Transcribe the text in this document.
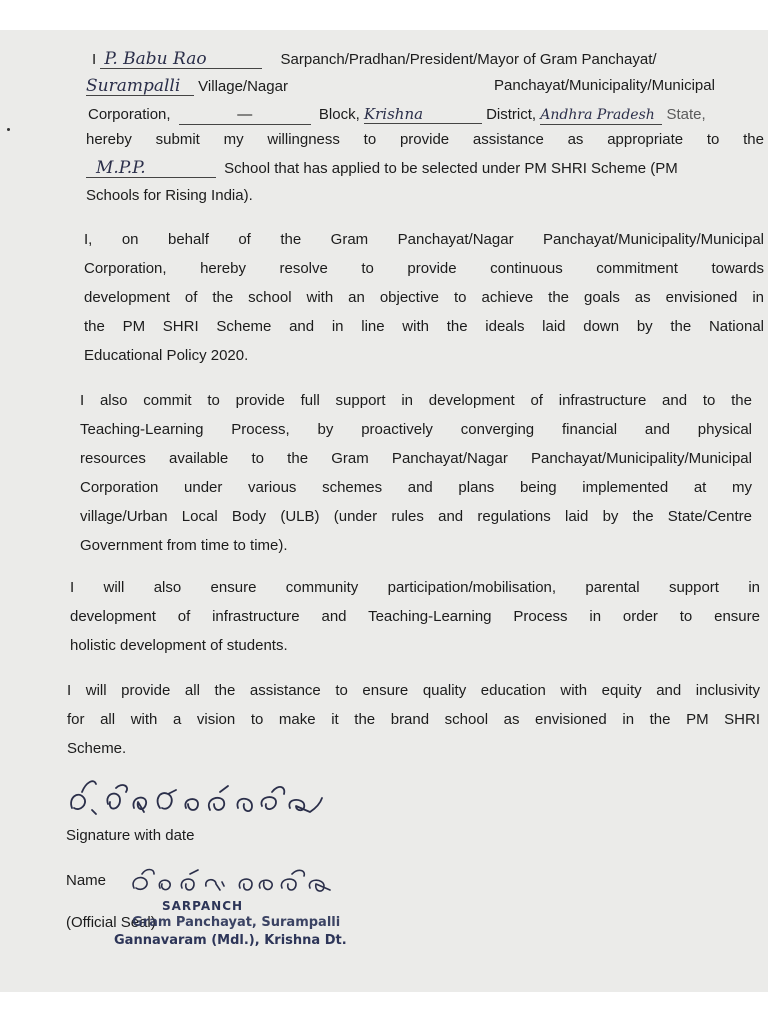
I P. Babu Rao	Sarpanch/Pradhan/President/Mayor of Gram Panchayat/
Surampalli Village/Nagar	Panchayat/Municipality/Municipal
Corporation,	—	Block, Krishna	District, Andhra Pradesh State,
hereby submit my willingness to provide assistance as appropriate to the
M.P.P.	School that has applied to be selected under PM SHRI Scheme (PM
Schools for Rising India).
I, on behalf of the Gram Panchayat/Nagar Panchayat/Municipality/Municipal
Corporation, hereby resolve to provide continuous commitment towards
development of the school with an objective to achieve the goals as envisioned in
the PM SHRI Scheme and in line with the ideals laid down by the National
Educational Policy 2020.
I also commit to provide full support in development of infrastructure and to the
Teaching-Learning Process, by proactively converging financial and physical
resources available to the Gram Panchayat/Nagar Panchayat/Municipality/Municipal
Corporation under various schemes and plans being implemented at my
village/Urban Local Body (ULB) (under rules and regulations laid by the State/Centre
Government from time to time).
I will also ensure community participation/mobilisation, parental support in
development of infrastructure and Teaching-Learning Process in order to ensure
holistic development of students.
I will provide all the assistance to ensure quality education with equity and inclusivity
for all with a vision to make it the brand school as envisioned in the PM SHRI
Scheme.
Signature with date
Name
SARPANCH
(Official Seal)
Gram Panchayat, Surampalli
Gannavaram (Mdl.), Krishna Dt.
